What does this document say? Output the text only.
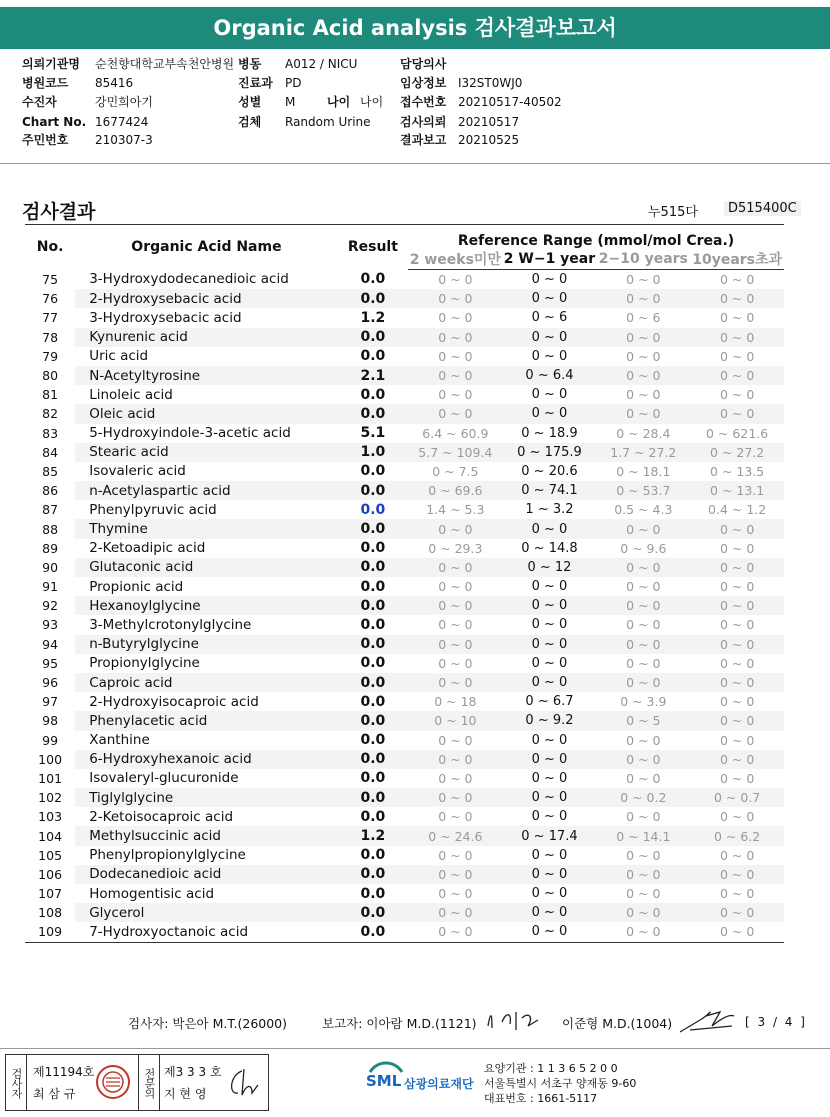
Organic Acid analysis 검사결과보고서
의뢰기관명 순천향대학교부속천안병원 병동 A012 / NICU	담당의사
병원코드 85416	진료과 PD	임상정보 I32ST0WJ0
수진자	강민희아기	성별 M	나이 나이 접수번호 20210517-40502
Chart No. 1677424	검체 Random Urine 검사의뢰 20210517
주민번호 210307-3	결과보고 20210525
검사결과	누515다	D515400C
No.	Organic Acid Name	Result	Reference Range (mmol/mol Crea.)			
			2 weeks미만	2 W−1 year	2−10 years	10years초과
75	3-Hydroxydodecanedioic acid	0.0	0 ~ 0	0 ~ 0	0 ~ 0	0 ~ 0
76	2-Hydroxysebacic acid	0.0	0 ~ 0	0 ~ 0	0 ~ 0	0 ~ 0
77	3-Hydroxysebacic acid	1.2	0 ~ 0	0 ~ 6	0 ~ 6	0 ~ 0
78	Kynurenic acid	0.0	0 ~ 0	0 ~ 0	0 ~ 0	0 ~ 0
79	Uric acid	0.0	0 ~ 0	0 ~ 0	0 ~ 0	0 ~ 0
80	N-Acetyltyrosine	2.1	0 ~ 0	0 ~ 6.4	0 ~ 0	0 ~ 0
81	Linoleic acid	0.0	0 ~ 0	0 ~ 0	0 ~ 0	0 ~ 0
82	Oleic acid	0.0	0 ~ 0	0 ~ 0	0 ~ 0	0 ~ 0
83	5-Hydroxyindole-3-acetic acid	5.1	6.4 ~ 60.9	0 ~ 18.9	0 ~ 28.4	0 ~ 621.6
84	Stearic acid	1.0	5.7 ~ 109.4	0 ~ 175.9	1.7 ~ 27.2	0 ~ 27.2
85	Isovaleric acid	0.0	0 ~ 7.5	0 ~ 20.6	0 ~ 18.1	0 ~ 13.5
86	n-Acetylaspartic acid	0.0	0 ~ 69.6	0 ~ 74.1	0 ~ 53.7	0 ~ 13.1
87	Phenylpyruvic acid	0.0	1.4 ~ 5.3	1 ~ 3.2	0.5 ~ 4.3	0.4 ~ 1.2
88	Thymine	0.0	0 ~ 0	0 ~ 0	0 ~ 0	0 ~ 0
89	2-Ketoadipic acid	0.0	0 ~ 29.3	0 ~ 14.8	0 ~ 9.6	0 ~ 0
90	Glutaconic acid	0.0	0 ~ 0	0 ~ 12	0 ~ 0	0 ~ 0
91	Propionic acid	0.0	0 ~ 0	0 ~ 0	0 ~ 0	0 ~ 0
92	Hexanoylglycine	0.0	0 ~ 0	0 ~ 0	0 ~ 0	0 ~ 0
93	3-Methylcrotonylglycine	0.0	0 ~ 0	0 ~ 0	0 ~ 0	0 ~ 0
94	n-Butyrylglycine	0.0	0 ~ 0	0 ~ 0	0 ~ 0	0 ~ 0
95	Propionylglycine	0.0	0 ~ 0	0 ~ 0	0 ~ 0	0 ~ 0
96	Caproic acid	0.0	0 ~ 0	0 ~ 0	0 ~ 0	0 ~ 0
97	2-Hydroxyisocaproic acid	0.0	0 ~ 18	0 ~ 6.7	0 ~ 3.9	0 ~ 0
98	Phenylacetic acid	0.0	0 ~ 10	0 ~ 9.2	0 ~ 5	0 ~ 0
99	Xanthine	0.0	0 ~ 0	0 ~ 0	0 ~ 0	0 ~ 0
100	6-Hydroxyhexanoic acid	0.0	0 ~ 0	0 ~ 0	0 ~ 0	0 ~ 0
101	Isovaleryl-glucuronide	0.0	0 ~ 0	0 ~ 0	0 ~ 0	0 ~ 0
102	Tiglylglycine	0.0	0 ~ 0	0 ~ 0	0 ~ 0.2	0 ~ 0.7
103	2-Ketoisocaproic acid	0.0	0 ~ 0	0 ~ 0	0 ~ 0	0 ~ 0
104	Methylsuccinic acid	1.2	0 ~ 24.6	0 ~ 17.4	0 ~ 14.1	0 ~ 6.2
105	Phenylpropionylglycine	0.0	0 ~ 0	0 ~ 0	0 ~ 0	0 ~ 0
106	Dodecanedioic acid	0.0	0 ~ 0	0 ~ 0	0 ~ 0	0 ~ 0
107	Homogentisic acid	0.0	0 ~ 0	0 ~ 0	0 ~ 0	0 ~ 0
108	Glycerol	0.0	0 ~ 0	0 ~ 0	0 ~ 0	0 ~ 0
109	7-Hydroxyoctanoic acid	0.0	0 ~ 0	0 ~ 0	0 ~ 0	0 ~ 0
검사자: 박은아 M.T.(26000)	보고자: 이아람 M.D.(1121)	이준형 M.D.(1004)	[ 3 / 4 ]
검사자 제11194호
최 삼 규	전문의 제3 3 3 호
지 현 영
SML 삼광의료재단
요양기관 : 1 1 3 6 5 2 0 0
서울특별시 서초구 양재동 9-60
대표번호 : 1661-5117
